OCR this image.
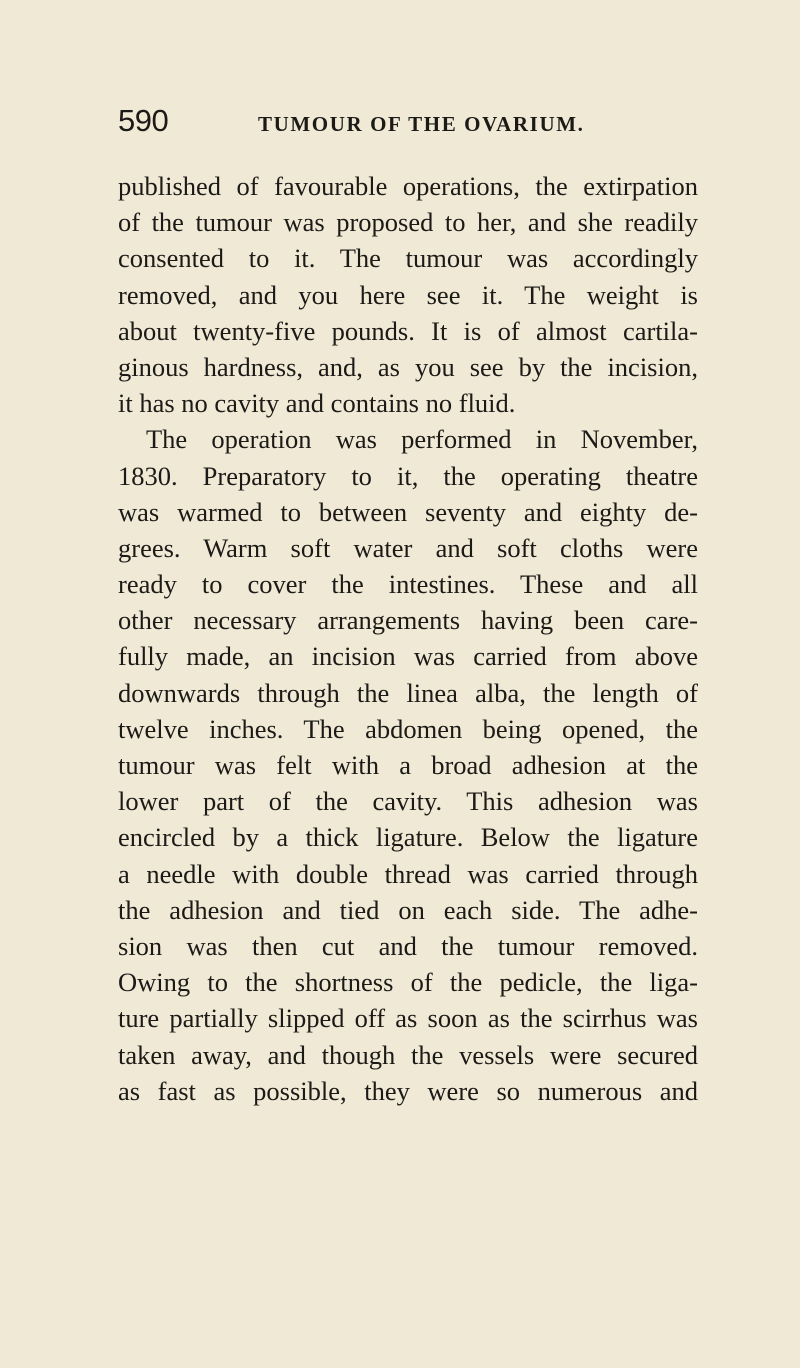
590	TUMOUR OF THE OVARIUM.
published of favourable operations, the extirpation
of the tumour was proposed to her, and she readily
consented to it. The tumour was accordingly
removed, and you here see it. The weight is
about twenty-five pounds. It is of almost cartila-
ginous hardness, and, as you see by the incision,
it has no cavity and contains no fluid.
The operation was performed in November,
1830. Preparatory to it, the operating theatre
was warmed to between seventy and eighty de-
grees. Warm soft water and soft cloths were
ready to cover the intestines. These and all
other necessary arrangements having been care-
fully made, an incision was carried from above
downwards through the linea alba, the length of
twelve inches. The abdomen being opened, the
tumour was felt with a broad adhesion at the
lower part of the cavity. This adhesion was
encircled by a thick ligature. Below the ligature
a needle with double thread was carried through
the adhesion and tied on each side. The adhe-
sion was then cut and the tumour removed.
Owing to the shortness of the pedicle, the liga-
ture partially slipped off as soon as the scirrhus was
taken away, and though the vessels were secured
as fast as possible, they were so numerous and
